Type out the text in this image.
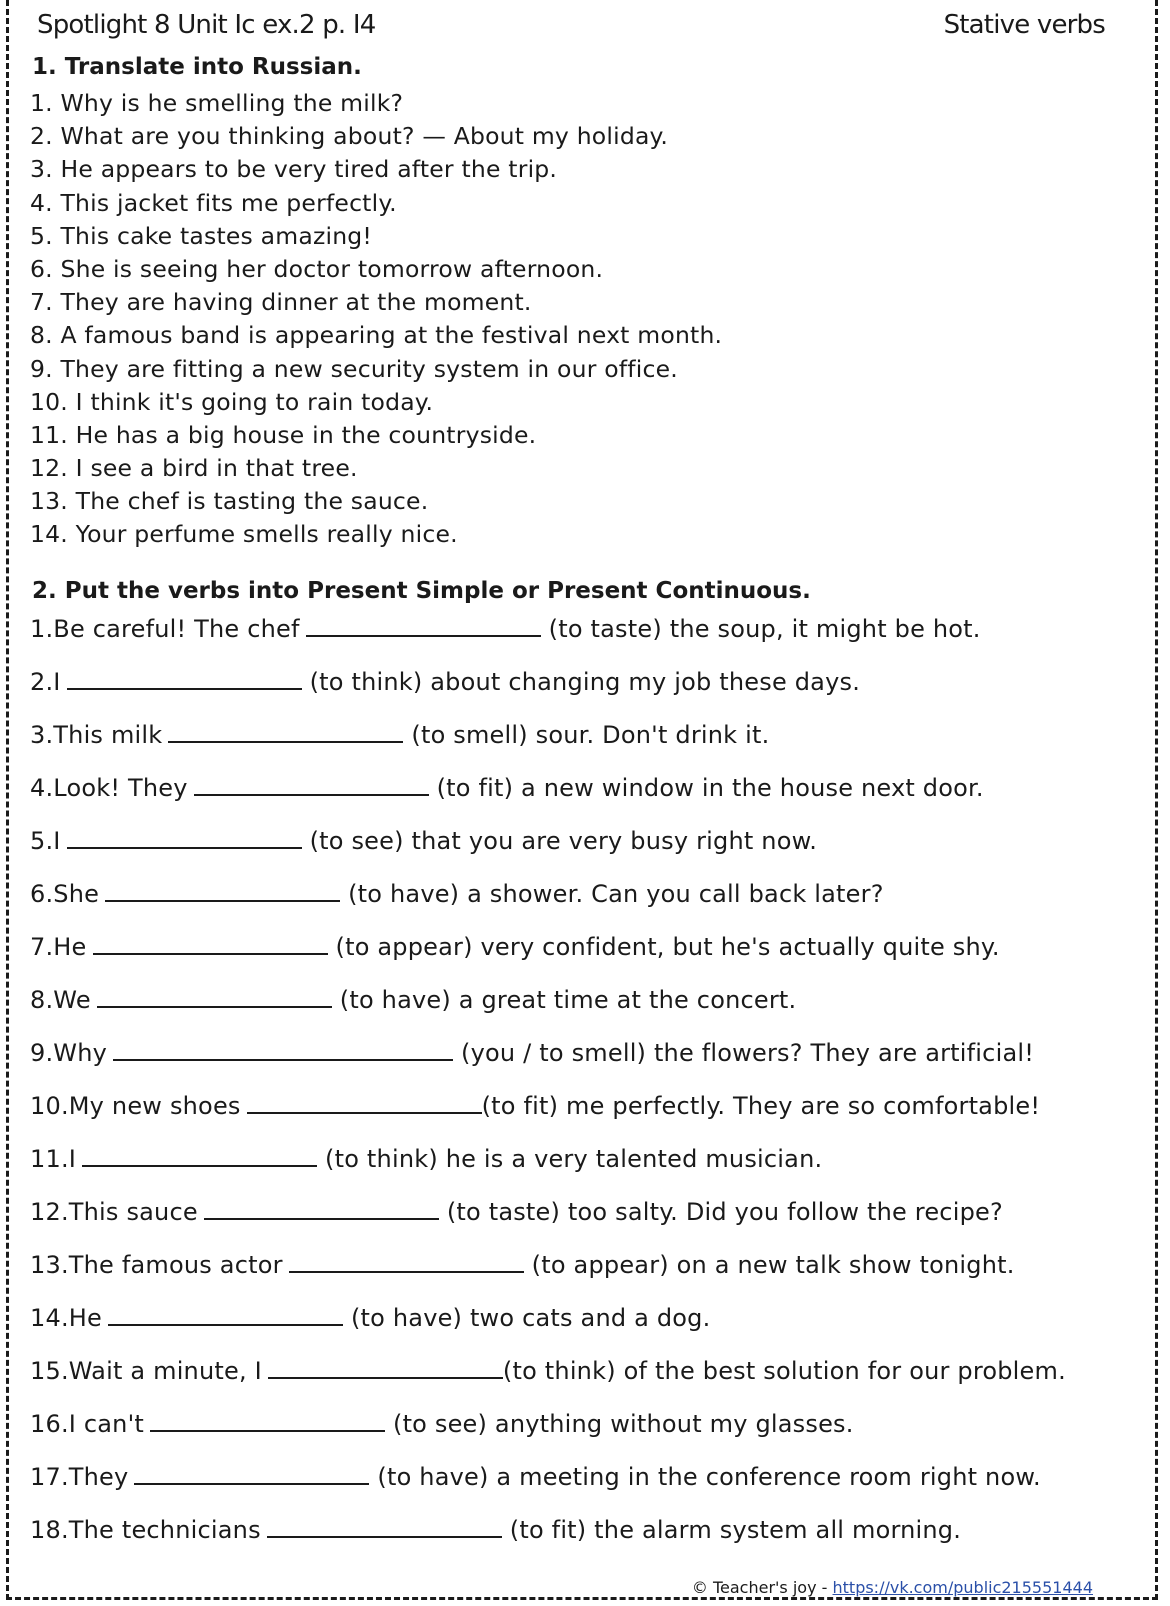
Spotlight 8 Unit Ic ex.2 p. I4	Stative verbs
1. Translate into Russian.
1. Why is he smelling the milk?
2. What are you thinking about? — About my holiday.
3. He appears to be very tired after the trip.
4. This jacket fits me perfectly.
5. This cake tastes amazing!
6. She is seeing her doctor tomorrow afternoon.
7. They are having dinner at the moment.
8. A famous band is appearing at the festival next month.
9. They are fitting a new security system in our office.
10. I think it's going to rain today.
11. He has a big house in the countryside.
12. I see a bird in that tree.
13. The chef is tasting the sauce.
14. Your perfume smells really nice.
2. Put the verbs into Present Simple or Present Continuous.
1.Be careful! The chef	(to taste) the soup, it might be hot.
2.I	(to think) about changing my job these days.
3.This milk	(to smell) sour. Don't drink it.
4.Look! They	(to fit) a new window in the house next door.
5.I	(to see) that you are very busy right now.
6.She	(to have) a shower. Can you call back later?
7.He	(to appear) very confident, but he's actually quite shy.
8.We	(to have) a great time at the concert.
9.Why	(you / to smell) the flowers? They are artificial!
10.My new shoes	(to fit) me perfectly. They are so comfortable!
11.I	(to think) he is a very talented musician.
12.This sauce	(to taste) too salty. Did you follow the recipe?
13.The famous actor	(to appear) on a new talk show tonight.
14.He	(to have) two cats and a dog.
15.Wait a minute, I	(to think) of the best solution for our problem.
16.I can't	(to see) anything without my glasses.
17.They	(to have) a meeting in the conference room right now.
18.The technicians	(to fit) the alarm system all morning.
© Teacher's joy - https://vk.com/public215551444
